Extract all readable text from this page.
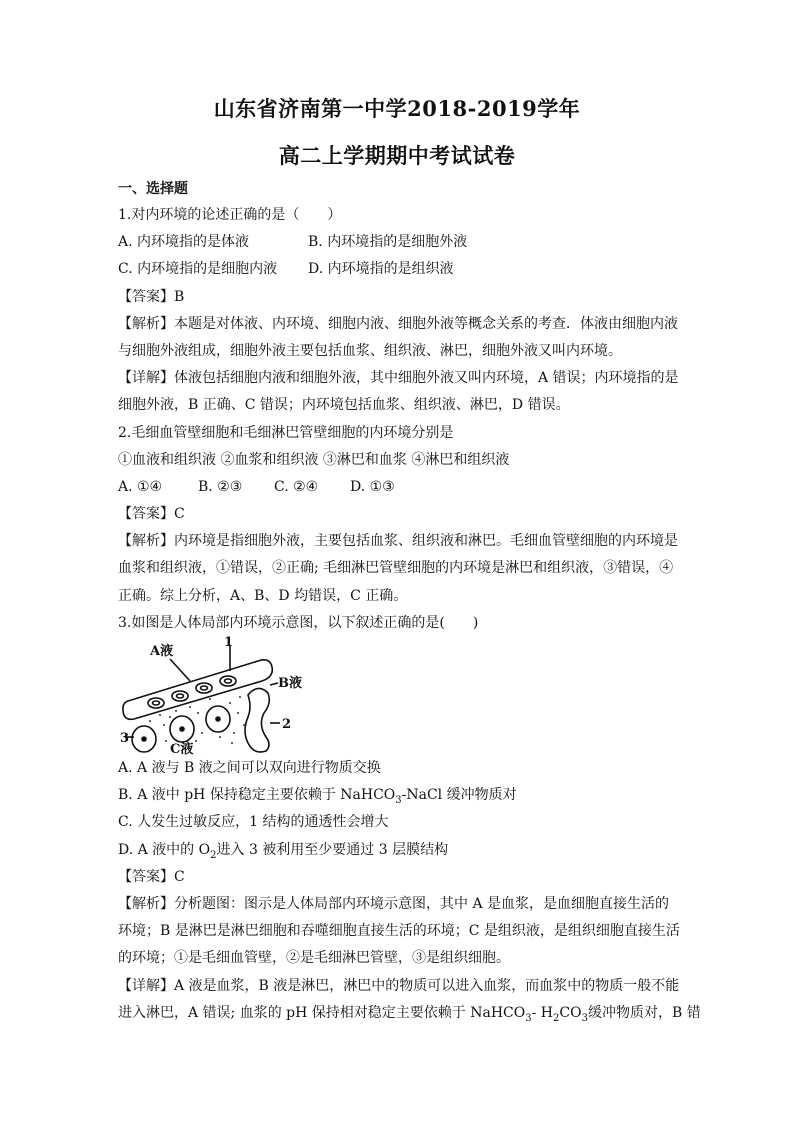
山东省济南第一中学2018-2019学年
高二上学期期中考试试卷
一、选择题
1.对内环境的论述正确的是（　　）
A. 内环境指的是体液	B. 内环境指的是细胞外液
C. 内环境指的是细胞内液 D. 内环境指的是组织液
【答案】B
【解析】本题是对体液、内环境、细胞内液、细胞外液等概念关系的考查．体液由细胞内液
与细胞外液组成，细胞外液主要包括血浆、组织液、淋巴，细胞外液又叫内环境。
【详解】体液包括细胞内液和细胞外液，其中细胞外液又叫内环境，A 错误；内环境指的是
细胞外液，B 正确、C 错误；内环境包括血浆、组织液、淋巴，D 错误。
2.毛细血管壁细胞和毛细淋巴管壁细胞的内环境分别是
①血液和组织液 ②血浆和组织液 ③淋巴和血浆 ④淋巴和组织液
A. ①④	B. ②③ C. ②④ D. ①③
【答案】C
【解析】内环境是指细胞外液，主要包括血浆、组织液和淋巴。毛细血管壁细胞的内环境是
血浆和组织液，①错误，②正确; 毛细淋巴管壁细胞的内环境是淋巴和组织液，③错误，④
正确。综上分析，A、B、D 均错误，C 正确。
3.如图是人体局部内环境示意图，以下叙述正确的是(　　)
A液
1
B液
2
3
C液
A. A 液与 B 液之间可以双向进行物质交换
B. A 液中 pH 保持稳定主要依赖于 NaHCO$_3$-NaCl 缓冲物质对
C. 人发生过敏反应，1 结构的通透性会增大
D. A 液中的 $O_2$进入 3 被利用至少要通过 3 层膜结构
【答案】C
【解析】分析题图：图示是人体局部内环境示意图，其中 A 是血浆，是血细胞直接生活的
环境；B 是淋巴是淋巴细胞和吞噬细胞直接生活的环境；C 是组织液，是组织细胞直接生活
的环境；①是毛细血管壁，②是毛细淋巴管壁，③是组织细胞。
【详解】A 液是血浆，B 液是淋巴，淋巴中的物质可以进入血浆，而血浆中的物质一般不能
进入淋巴，A 错误; 血浆的 pH 保持相对稳定主要依赖于 NaHCO$_3$- $H_2CO_3$缓冲物质对，B 错
